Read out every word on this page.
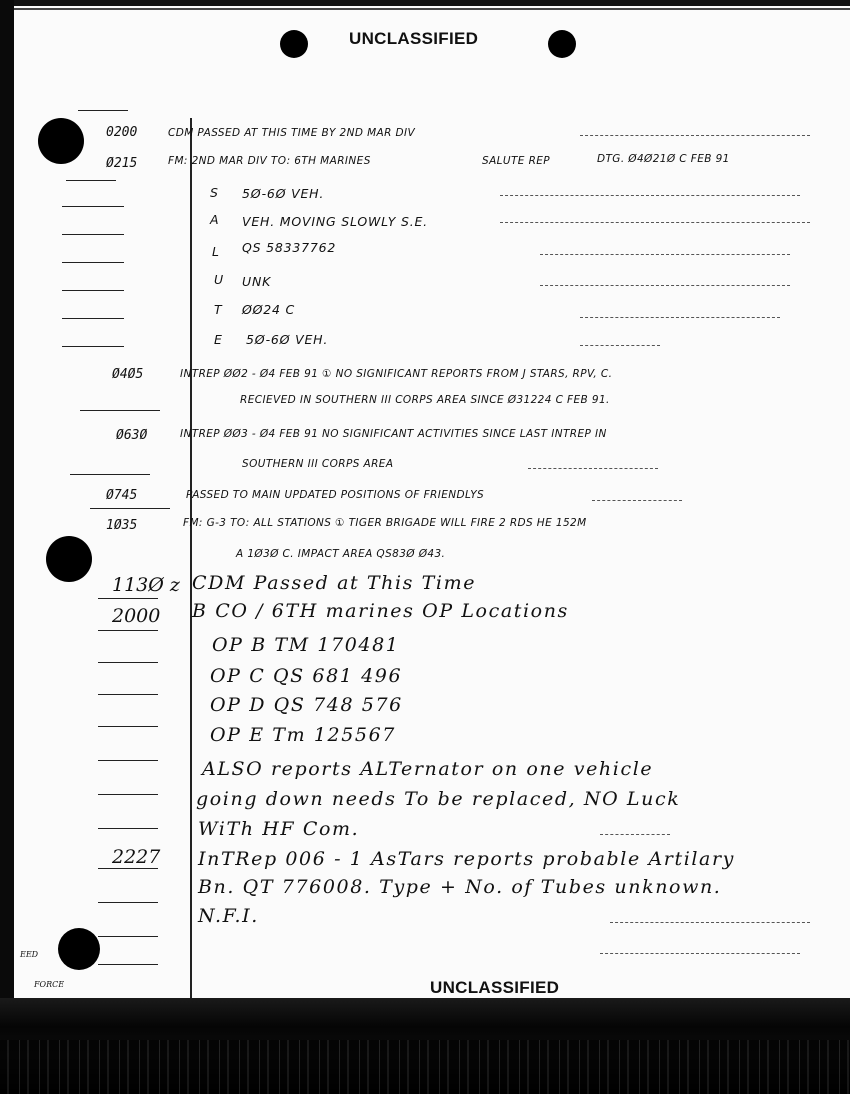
UNCLASSIFIED
0200	CDM PASSED AT THIS TIME BY 2ND MAR DIV
Ø215	FM: 2ND MAR DIV TO: 6TH MARINES	SALUTE REP	DTG. Ø4Ø21Ø C FEB 91
S 5Ø-6Ø VEH.
A VEH. MOVING SLOWLY S.E.
L QS 58337762
U UNK
T ØØ24 C
E 5Ø-6Ø VEH.
Ø4Ø5	INTREP ØØ2 - Ø4 FEB 91 ① NO SIGNIFICANT REPORTS FROM J STARS, RPV, C.
RECIEVED IN SOUTHERN III CORPS AREA SINCE Ø31224 C FEB 91.
Ø63Ø	INTREP ØØ3 - Ø4 FEB 91 NO SIGNIFICANT ACTIVITIES SINCE LAST INTREP IN
SOUTHERN III CORPS AREA
Ø745	PASSED TO MAIN UPDATED POSITIONS OF FRIENDLYS
1Ø35	FM: G-3 TO: ALL STATIONS ① TIGER BRIGADE WILL FIRE 2 RDS HE 152M
A 1Ø3Ø C. IMPACT AREA QS83Ø Ø43.
113Ø z CDM Passed at This Time
2000 B CO / 6TH marines OP Locations
OP B TM 170481
OP C QS 681 496
OP D QS 748 576
OP E Tm 125567
ALSO reports ALTernator on one vehicle
going down needs To be replaced, NO Luck
WiTh HF Com.
2227 InTRep 006 - 1 AsTars reports probable Artilary
Bn. QT 776008. Type + No. of Tubes unknown.
N.F.I.
EED
FORCE	UNCLASSIFIED
